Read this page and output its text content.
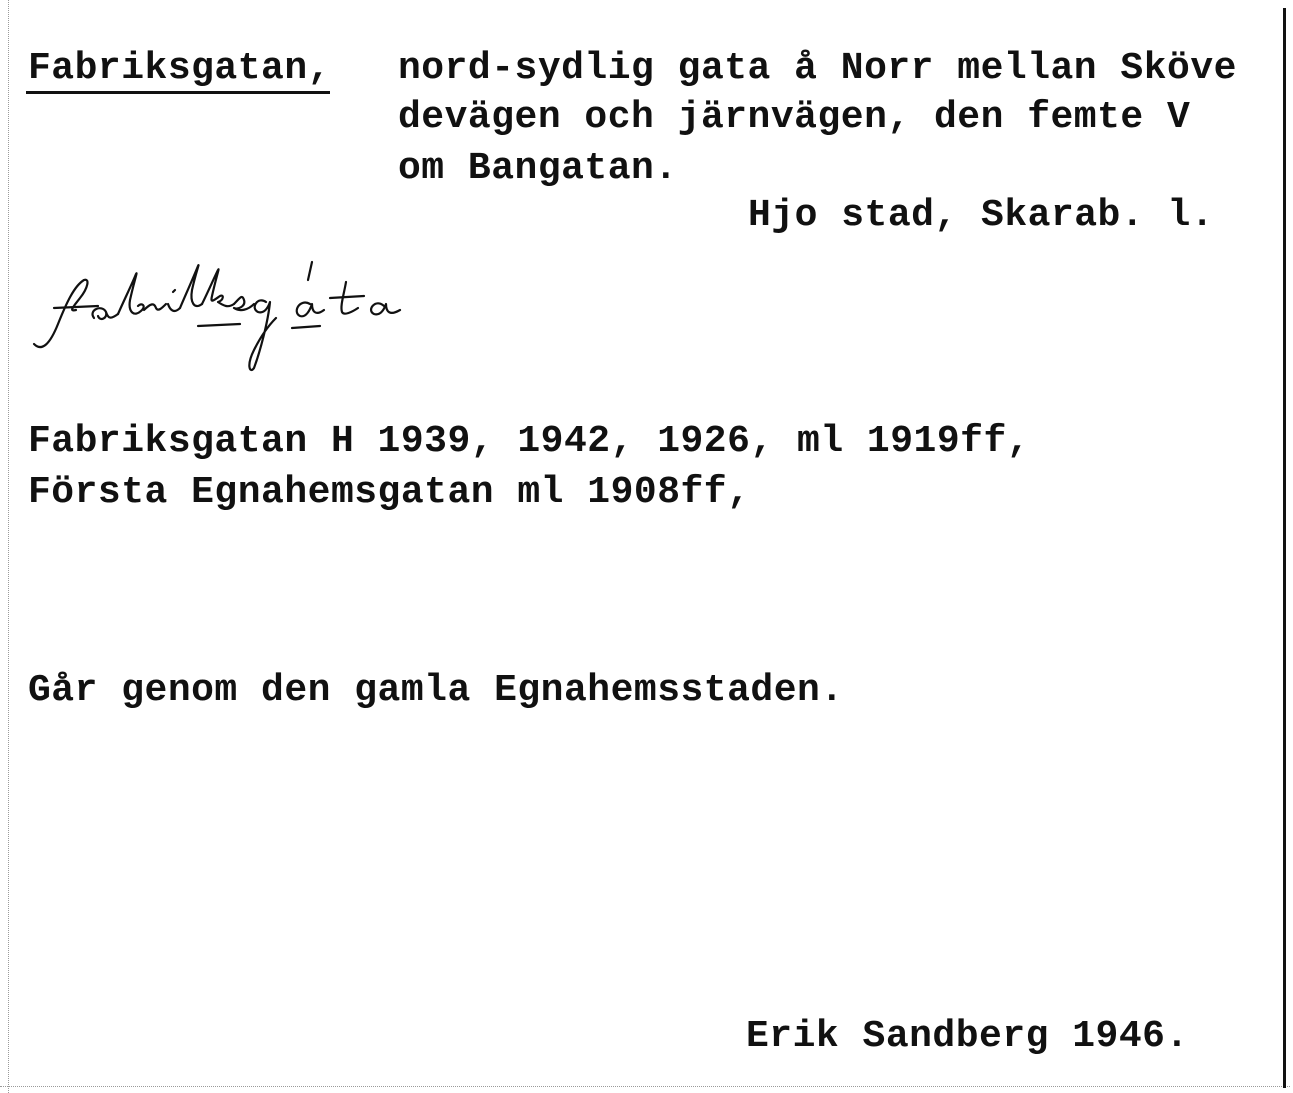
Fabriksgatan, nord-sydlig gata å Norr mellan Sköve
devägen och järnvägen, den femte V
om Bangatan.
Hjo stad, Skarab. l.
Fabriksgatan H 1939, 1942, 1926, ml 1919ff,
Första Egnahemsgatan ml 1908ff,
Går genom den gamla Egnahemsstaden.
Erik Sandberg 1946.
